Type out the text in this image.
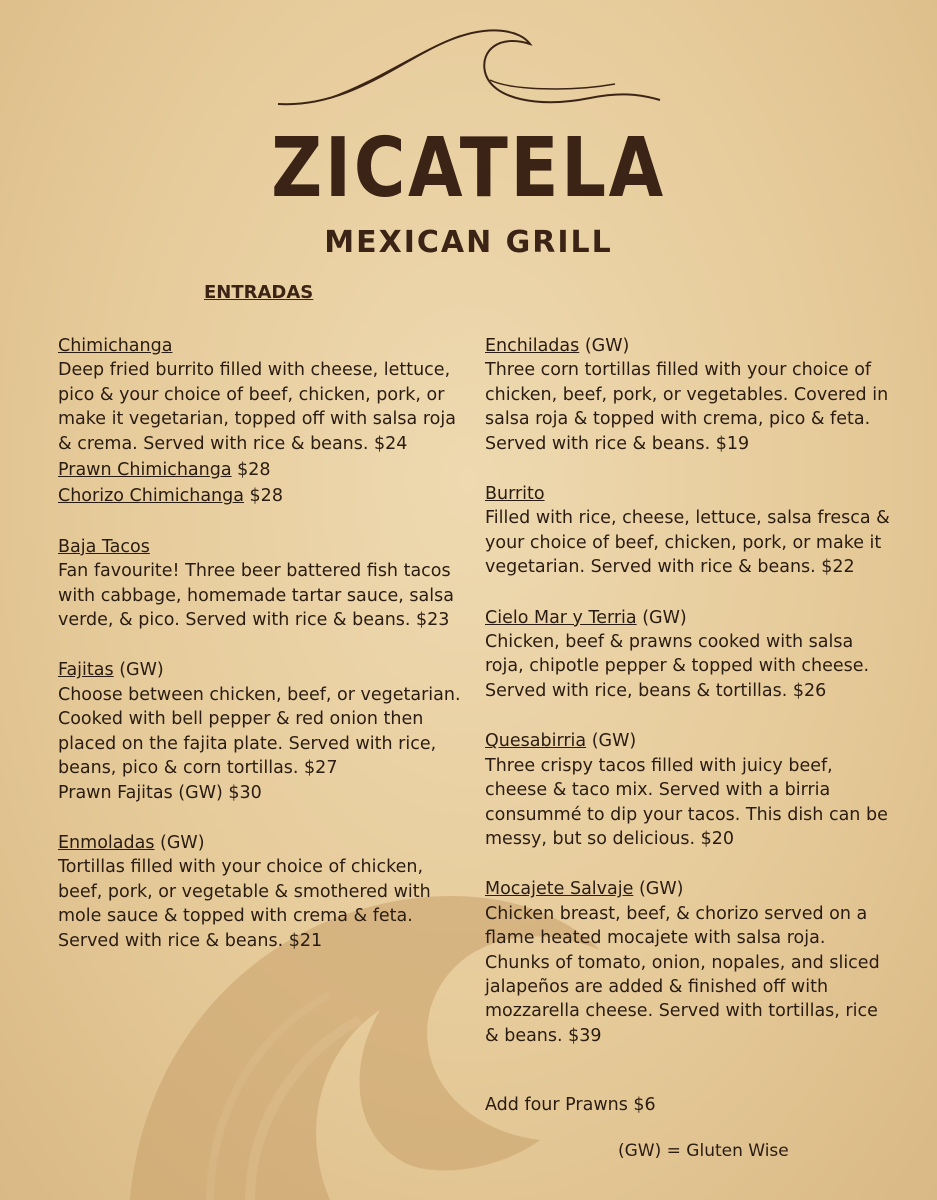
ZICATELA
MEXICAN GRILL
ENTRADAS
Chimichanga

Deep fried burrito filled with cheese, lettuce, pico & your choice of beef, chicken, pork, or make it vegetarian, topped off with salsa roja & crema. Served with rice & beans. $24

Prawn Chimichanga $28
Chorizo Chimichanga $28
Baja Tacos

Fan favourite! Three beer battered fish tacos with cabbage, homemade tartar sauce, salsa verde, & pico. Served with rice & beans. $23

Fajitas (GW)

Choose between chicken, beef, or vegetarian. Cooked with bell pepper & red onion then placed on the fajita plate. Served with rice, beans, pico & corn tortillas. $27

Prawn Fajitas (GW) $30

Enmoladas (GW)

Tortillas filled with your choice of chicken, beef, pork, or vegetable & smothered with mole sauce & topped with crema & feta. Served with rice & beans. $21

Enchiladas (GW)

Three corn tortillas filled with your choice of chicken, beef, pork, or vegetables. Covered in salsa roja & topped with crema, pico & feta. Served with rice & beans. $19

Burrito

Filled with rice, cheese, lettuce, salsa fresca & your choice of beef, chicken, pork, or make it vegetarian. Served with rice & beans. $22

Cielo Mar y Terria (GW)

Chicken, beef & prawns cooked with salsa roja, chipotle pepper & topped with cheese. Served with rice, beans & tortillas. $26

Quesabirria (GW)

Three crispy tacos filled with juicy beef, cheese & taco mix. Served with a birria consummé to dip your tacos. This dish can be messy, but so delicious. $20

Mocajete Salvaje (GW)

Chicken breast, beef, & chorizo served on a flame heated mocajete with salsa roja. Chunks of tomato, onion, nopales, and sliced jalapeños are added & finished off with mozzarella cheese. Served with tortillas, rice & beans. $39

Add four Prawns $6
(GW) = Gluten Wise
